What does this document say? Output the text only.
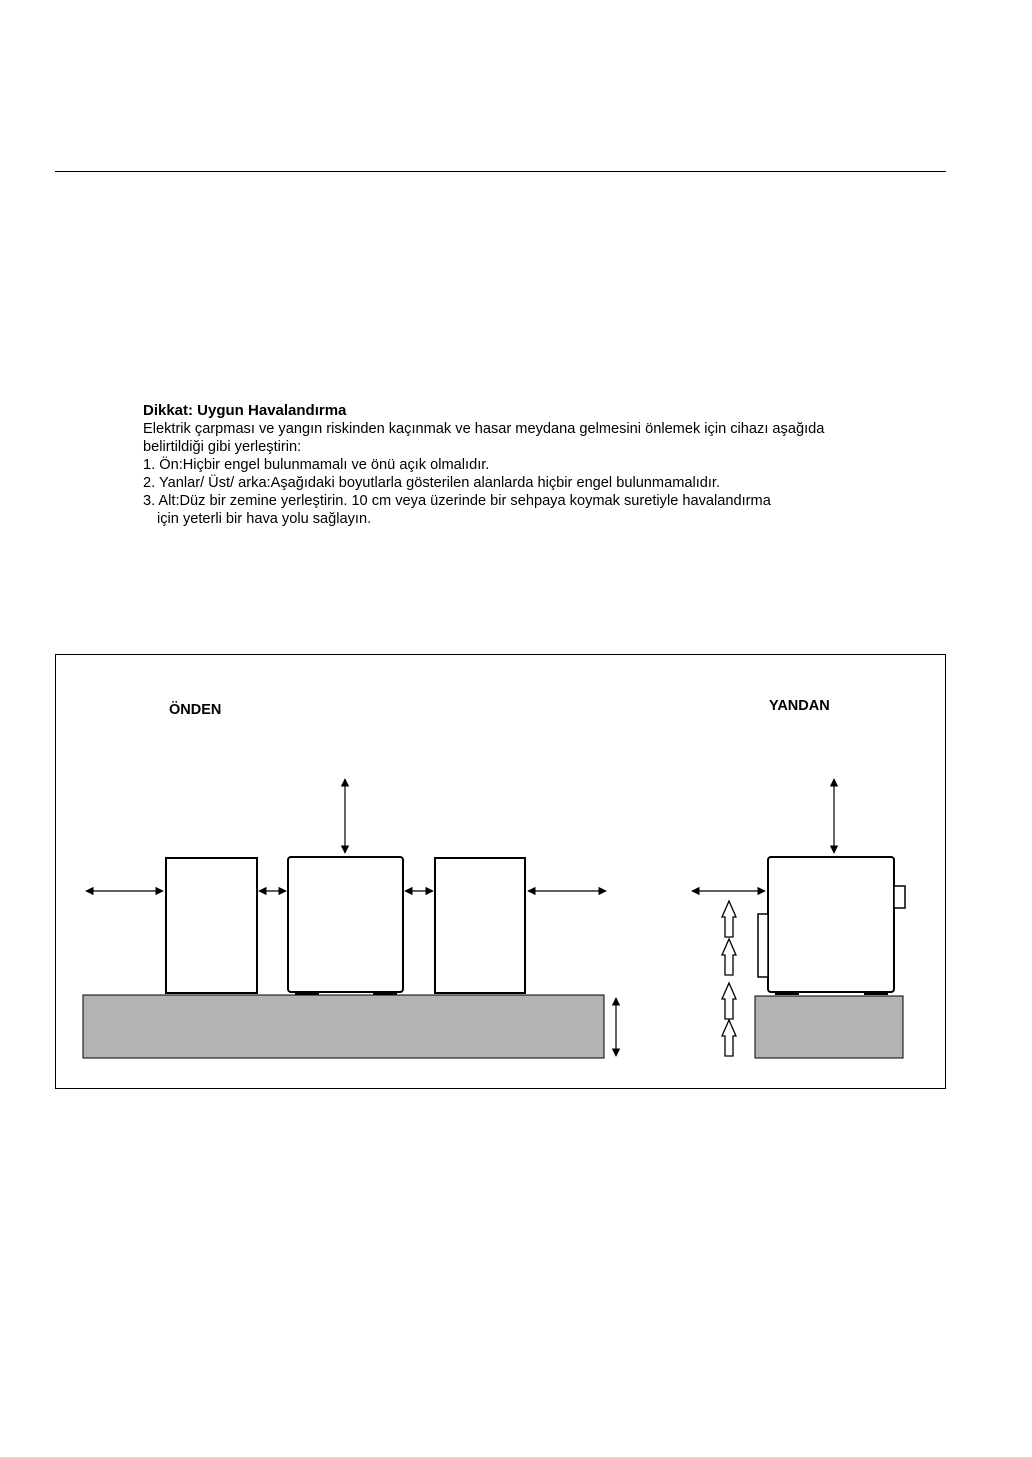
Dikkat: Uygun Havalandırma

Elektrik çarpması ve yangın riskinden kaçınmak ve hasar meydana gelmesini önlemek için cihazı aşağıda

belirtildiği gibi yerleştirin:

1. Ön:Hiçbir engel bulunmamalı ve önü açık olmalıdır.

2. Yanlar/ Üst/ arka:Aşağıdaki boyutlarla gösterilen alanlarda hiçbir engel bulunmamalıdır.

3. Alt:Düz bir zemine yerleştirin. 10 cm veya üzerinde bir sehpaya koymak suretiyle havalandırma

için yeterli bir hava yolu sağlayın.

ÖNDEN	YANDAN
